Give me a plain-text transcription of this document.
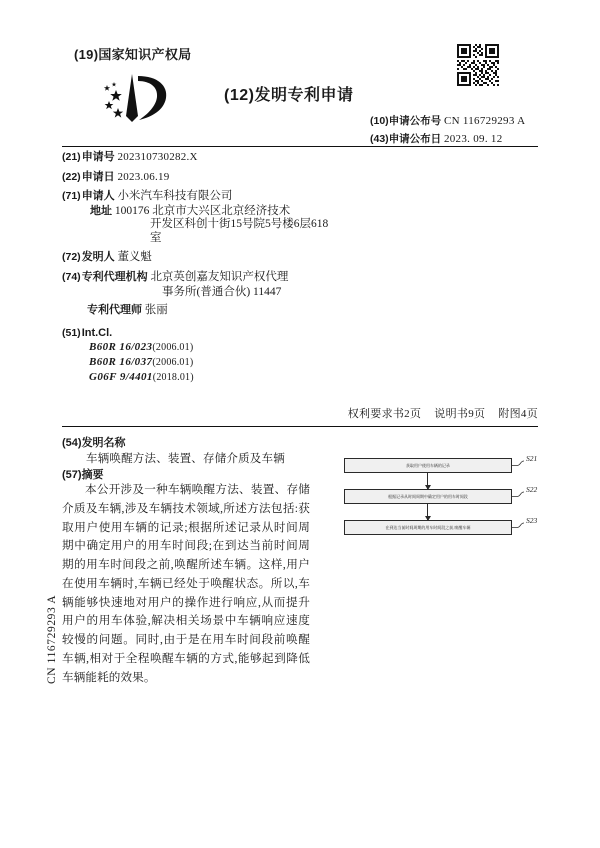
CN 116729293 A
(19)国家知识产权局
(12)发明专利申请
(10)申请公布号 CN 116729293 A
(43)申请公布日 2023. 09. 12
(21)申请号 202310730282.X
(22)申请日 2023.06.19
(71)申请人 小米汽车科技有限公司
地址 100176 北京市大兴区北京经济技术
开发区科创十街15号院5号楼6层618
室
(72)发明人 董义魁
(74)专利代理机构 北京英创嘉友知识产权代理
事务所(普通合伙) 11447
专利代理师 张丽
(51)Int.Cl.
B60R 16/023(2006.01)
B60R 16/037(2006.01)
G06F 9/4401(2018.01)
权利要求书2页 说明书9页 附图4页
(54)发明名称
车辆唤醒方法、装置、存储介质及车辆
(57)摘要
本公开涉及一种车辆唤醒方法、装置、存储介质及车辆,涉及车辆技术领域,所述方法包括:获取用户使用车辆的记录;根据所述记录从时间周期中确定用户的用车时间段;在到达当前时间周期的用车时间段之前,唤醒所述车辆。这样,用户在使用车辆时,车辆已经处于唤醒状态。所以,车辆能够快速地对用户的操作进行响应,从而提升用户的用车体验,解决相关场景中车辆响应速度较慢的问题。同时,由于是在用车时间段前唤醒车辆,相对于全程唤醒车辆的方式,能够起到降低车辆能耗的效果。
获取用户使用车辆的记录
根据记录从时间周期中确定用户的用车时间段
在到达当前时间周期的用车时间段之前,唤醒车辆
S21
S22
S23
